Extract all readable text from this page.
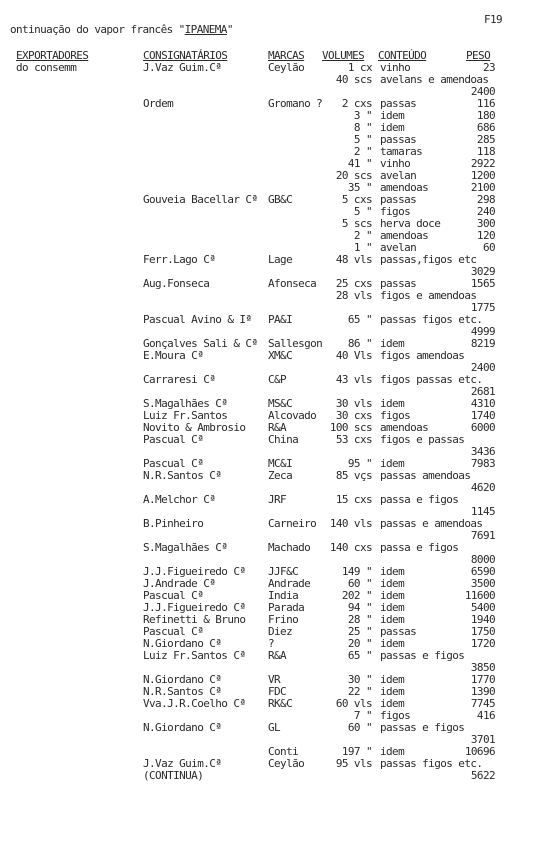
ontinuação do vapor francês "IPANEMA"
F19
EXPORTADORES	CONSIGNATÁRIOS	MARCAS VOLUMES CONTEÚDO	PESO
do consemm	J.Vaz Guim.Cª	Ceylão	1 cx vinho	23
40 scs avelans e amendoas
2400
Ordem	Gromano ?	2 cxs passas	116
3 " idem	180
8 " idem	686
5 " passas	285
2 " tamaras	118
41 " vinho	2922
20 scs avelan	1200
35 " amendoas	2100
Gouveia Bacellar Cª GB&C	5 cxs passas	298
5 " figos	240
5 scs herva doce	300
2 " amendoas	120
1 " avelan	60
Ferr.Lago Cª	Lage	48 vls passas,figos etc
3029
Aug.Fonseca	Afonseca	25 cxs passas	1565
28 vls figos e amendoas
1775
Pascual Avino & Iª	PA&I	65 " passas figos etc.
4999
Gonçalves Sali & Cª Sallesgon	86 " idem	8219
E.Moura Cª	XM&C	40 Vls figos amendoas
2400
Carraresi Cª	C&P	43 vls figos passas etc.
2681
S.Magalhães Cª	MS&C	30 vls idem	4310
Luiz Fr.Santos	Alcovado	30 cxs figos	1740
Novito & Ambrosio	R&A	100 scs amendoas	6000
Pascual Cª	China	53 cxs figos e passas
3436
Pascual Cª	MC&I	95 " idem	7983
N.R.Santos Cª	Zeca	85 vçs passas amendoas
4620
A.Melchor Cª	JRF	15 cxs passa e figos
1145
B.Pinheiro	Carneiro	140 vls passas e amendoas
7691
S.Magalhães Cª	Machado	140 cxs passa e figos
8000
J.J.Figueiredo Cª	JJF&C	149 " idem	6590
J.Andrade Cª	Andrade	60 " idem	3500
Pascual Cª	India	202 " idem	11600
J.J.Figueiredo Cª	Parada	94 " idem	5400
Refinetti & Bruno	Frino	28 " idem	1940
Pascual Cª	Diez	25 " passas	1750
N.Giordano Cª	?	20 " idem	1720
Luiz Fr.Santos Cª	R&A	65 " passas e figos
3850
N.Giordano Cª	VR	30 " idem	1770
N.R.Santos Cª	FDC	22 " idem	1390
Vva.J.R.Coelho Cª	RK&C	60 vls idem	7745
7 " figos	416
N.Giordano Cª	GL	60 " passas e figos
3701
Conti	197 " idem	10696
J.Vaz Guim.Cª	Ceylão	95 vls passas figos etc.
(CONTINUA)	5622
